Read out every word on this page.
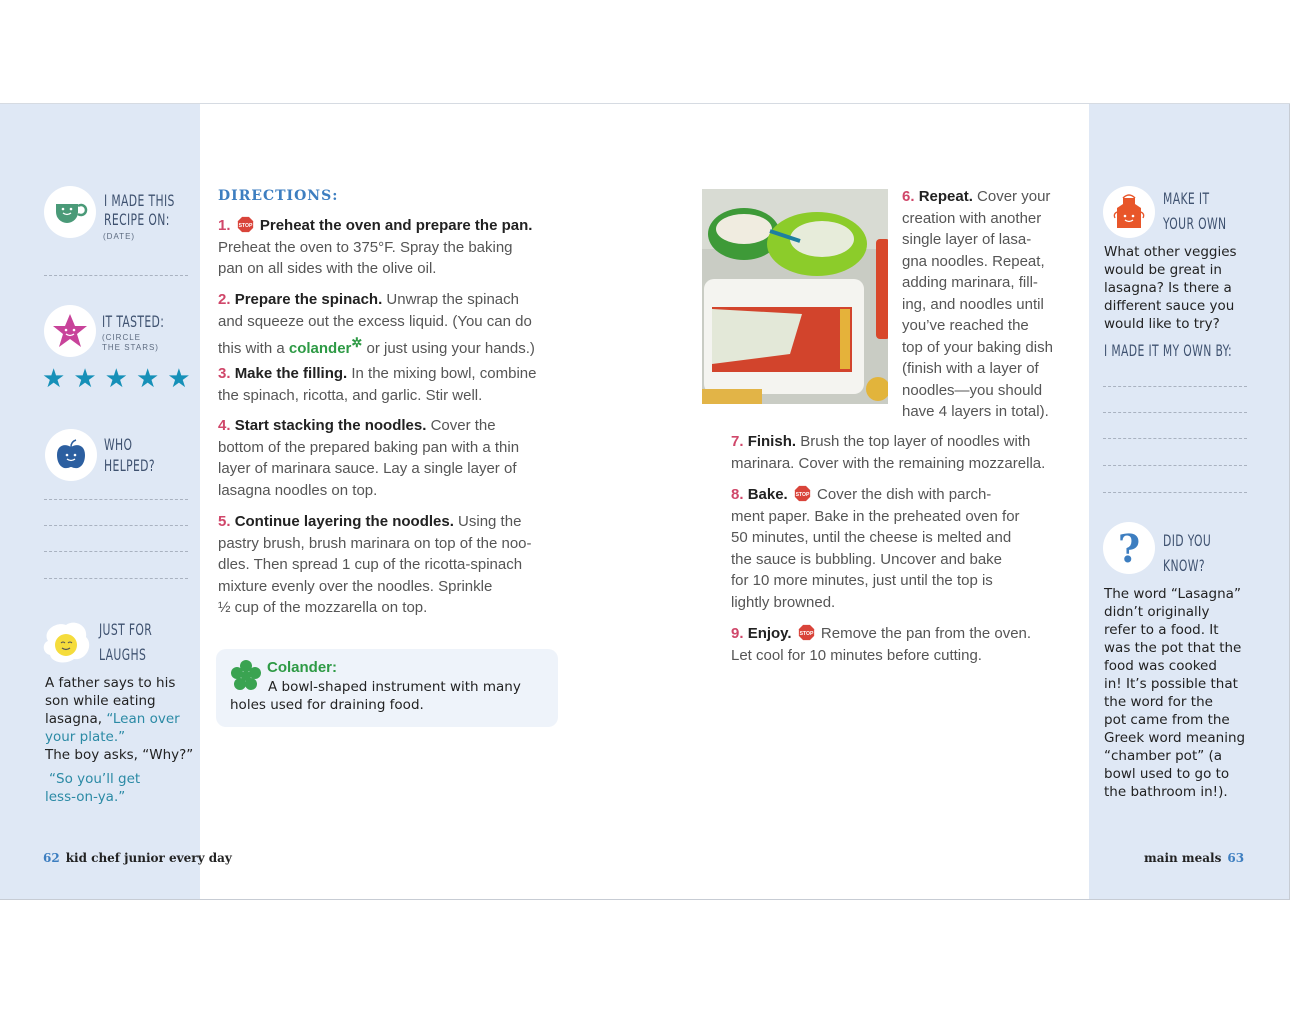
I MADE THIS
RECIPE ON:
(DATE)
IT TASTED:
(CIRCLE
THE STARS)
★ ★ ★ ★ ★
WHO
HELPED?
JUST FOR
LAUGHS
A father says to his
son while eating
lasagna, “Lean over
your plate.”
The boy asks, “Why?”
“So you’ll get
less-on-ya.”
DIRECTIONS:
1. STOP Preheat the oven and prepare the pan.
Preheat the oven to 375°F. Spray the baking
pan on all sides with the olive oil.
2. Prepare the spinach. Unwrap the spinach
and squeeze out the excess liquid. (You can do
this with a colander✲ or just using your hands.)
3. Make the filling. In the mixing bowl, combine
the spinach, ricotta, and garlic. Stir well.
4. Start stacking the noodles. Cover the
bottom of the prepared baking pan with a thin
layer of marinara sauce. Lay a single layer of
lasagna noodles on top.
5. Continue layering the noodles. Using the
pastry brush, brush marinara on top of the noo-
dles. Then spread 1 cup of the ricotta-spinach
mixture evenly over the noodles. Sprinkle
½ cup of the mozzarella on top.
Colander:
A bowl-shaped instrument with many
holes used for draining food.
6. Repeat. Cover your
creation with another
single layer of lasa-
gna noodles. Repeat,
adding marinara, fill-
ing, and noodles until
you’ve reached the
top of your baking dish
(finish with a layer of
noodles—you should
have 4 layers in total).
7. Finish. Brush the top layer of noodles with
marinara. Cover with the remaining mozzarella.
8. Bake. STOP Cover the dish with parch-
ment paper. Bake in the preheated oven for
50 minutes, until the cheese is melted and
the sauce is bubbling. Uncover and bake
for 10 more minutes, just until the top is
lightly browned.
9. Enjoy. STOP Remove the pan from the oven.
Let cool for 10 minutes before cutting.
MAKE IT
YOUR OWN
What other veggies
would be great in
lasagna? Is there a
different sauce you
would like to try?
I MADE IT MY OWN BY:
? DID YOU
KNOW?
The word “Lasagna”
didn’t originally
refer to a food. It
was the pot that the
food was cooked
in! It’s possible that
the word for the
pot came from the
Greek word meaning
“chamber pot” (a
bowl used to go to
the bathroom in!).
62 kid chef junior every day	main meals 63
